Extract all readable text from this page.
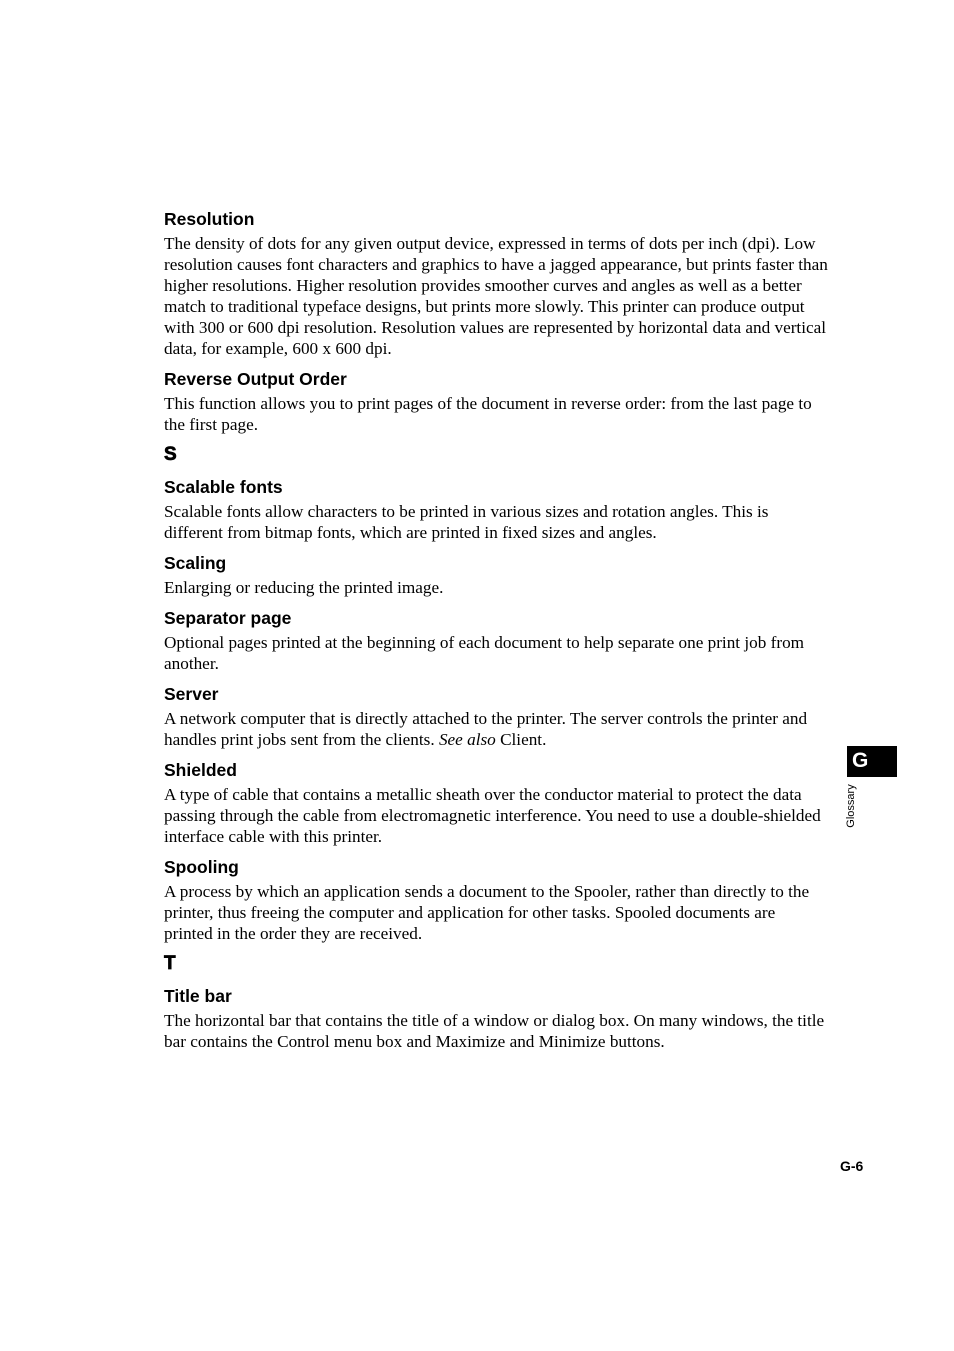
Resolution

The density of dots for any given output device, expressed in terms of dots per inch (dpi). Low resolution causes font characters and graphics to have a jagged appearance, but prints faster than higher resolutions. Higher resolution provides smoother curves and angles as well as a better match to traditional typeface designs, but prints more slowly. This printer can produce output with 300 or 600 dpi resolution. Resolution values are represented by horizontal data and vertical data, for example, 600 x 600 dpi.

Reverse Output Order

This function allows you to print pages of the document in reverse order: from the last page to the first page.

S
Scalable fonts

Scalable fonts allow characters to be printed in various sizes and rotation angles. This is different from bitmap fonts, which are printed in fixed sizes and angles.

Scaling

Enlarging or reducing the printed image.

Separator page

Optional pages printed at the beginning of each document to help separate one print job from another.

Server

A network computer that is directly attached to the printer. The server controls the printer and handles print jobs sent from the clients. See also Client.

Shielded

A type of cable that contains a metallic sheath over the conductor material to protect the data passing through the cable from electromagnetic interference. You need to use a double-shielded interface cable with this printer.

Spooling

A process by which an application sends a document to the Spooler, rather than directly to the printer, thus freeing the computer and application for other tasks. Spooled documents are printed in the order they are received.

T
Title bar

The horizontal bar that contains the title of a window or dialog box. On many windows, the title bar contains the Control menu box and Maximize and Minimize buttons.

G
Glossary
G-6
